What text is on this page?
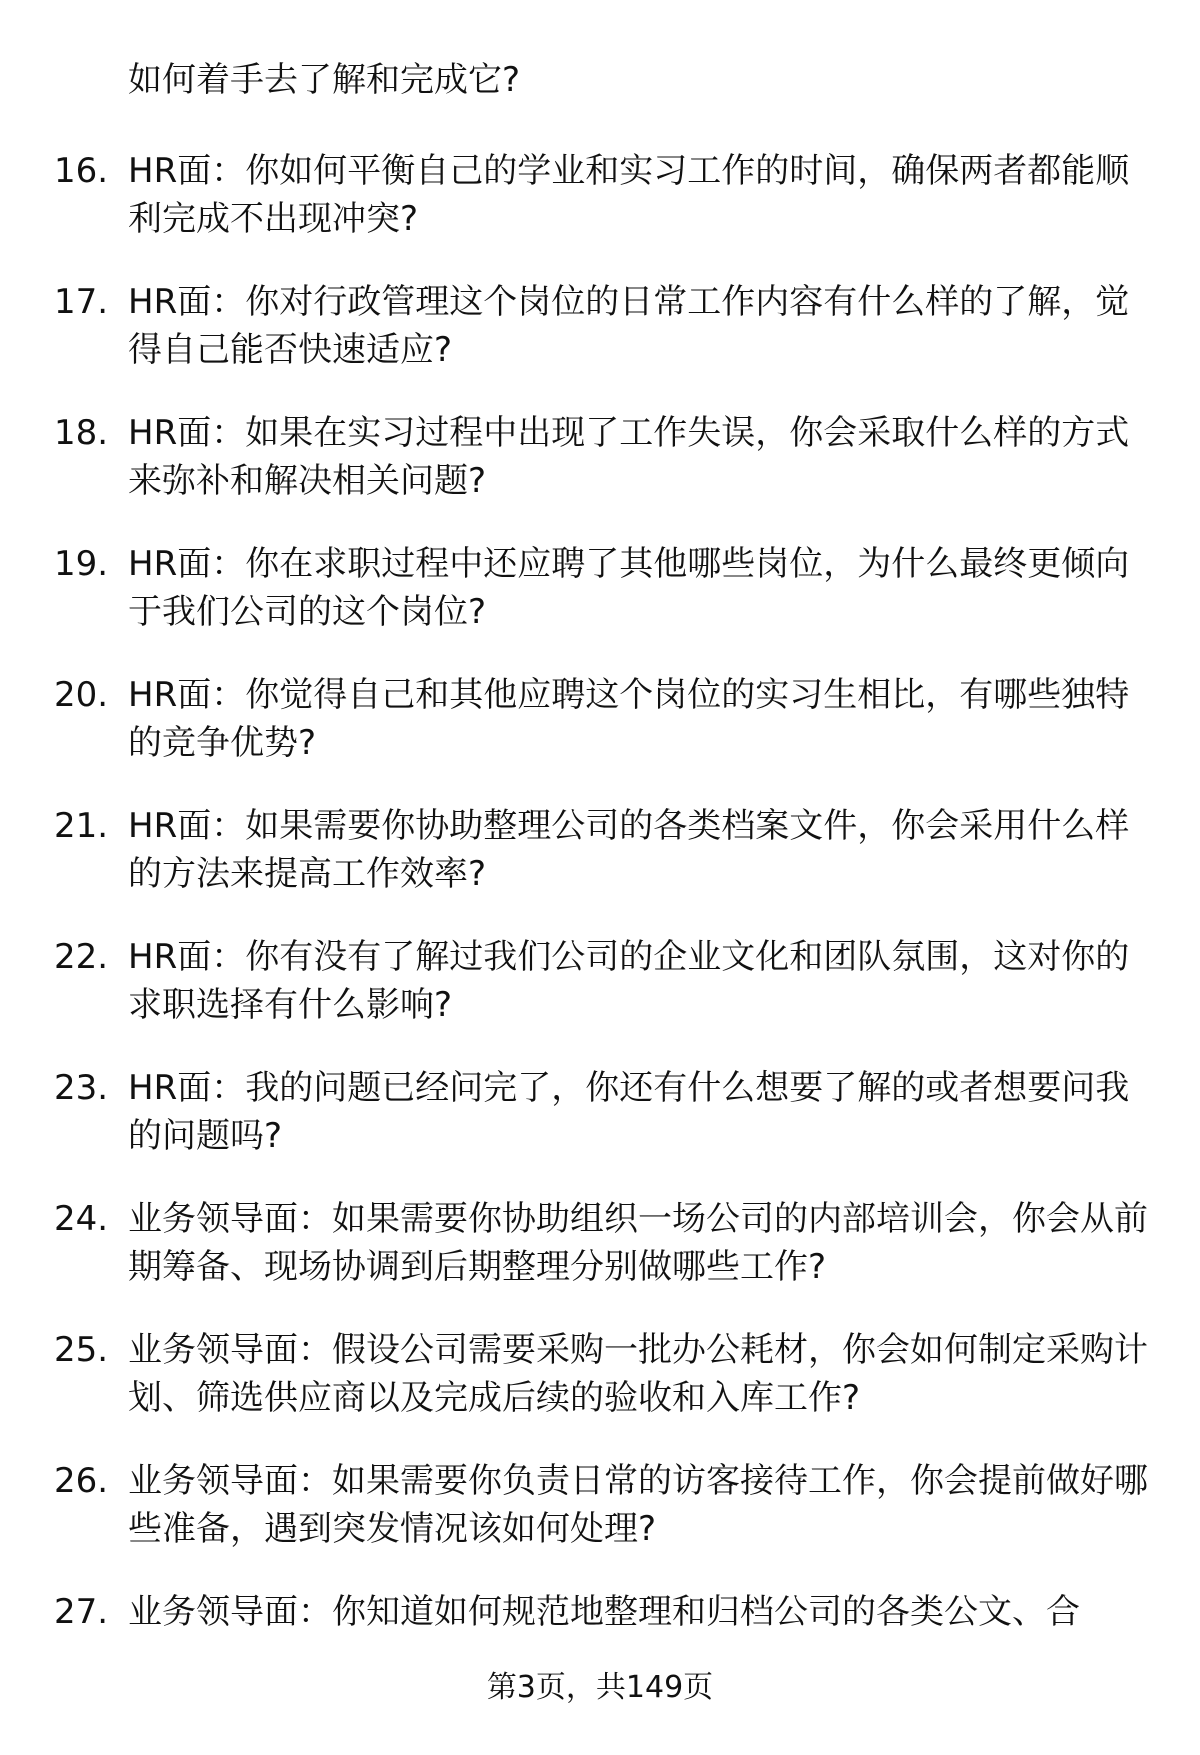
如何着手去了解和完成它?
16. HR面：你如何平衡自己的学业和实习工作的时间，确保两者都能顺利完成不出现冲突?
17. HR面：你对行政管理这个岗位的日常工作内容有什么样的了解，觉得自己能否快速适应?
18. HR面：如果在实习过程中出现了工作失误，你会采取什么样的方式来弥补和解决相关问题?
19. HR面：你在求职过程中还应聘了其他哪些岗位，为什么最终更倾向于我们公司的这个岗位?
20. HR面：你觉得自己和其他应聘这个岗位的实习生相比，有哪些独特的竞争优势?
21. HR面：如果需要你协助整理公司的各类档案文件，你会采用什么样的方法来提高工作效率?
22. HR面：你有没有了解过我们公司的企业文化和团队氛围，这对你的求职选择有什么影响?
23. HR面：我的问题已经问完了，你还有什么想要了解的或者想要问我的问题吗?
24. 业务领导面：如果需要你协助组织一场公司的内部培训会，你会从前期筹备、现场协调到后期整理分别做哪些工作?
25. 业务领导面：假设公司需要采购一批办公耗材，你会如何制定采购计划、筛选供应商以及完成后续的验收和入库工作?
26. 业务领导面：如果需要你负责日常的访客接待工作，你会提前做好哪些准备，遇到突发情况该如何处理?
27. 业务领导面：你知道如何规范地整理和归档公司的各类公文、合
第3页，共149页
